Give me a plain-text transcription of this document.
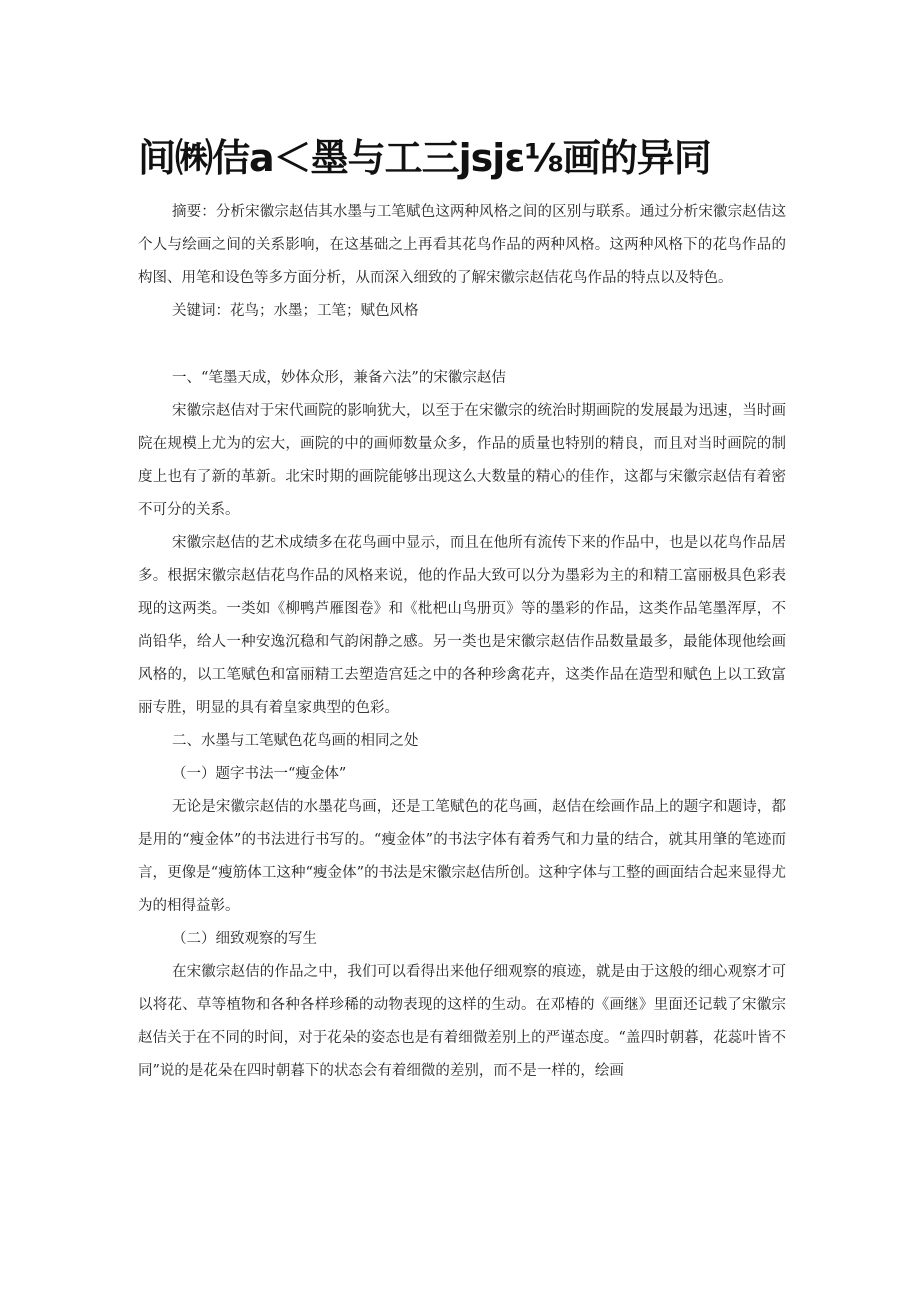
间㈱佶a＜墨与工三jsjɛ⅛画的异同

摘要：分析宋徽宗赵佶其水墨与工笔赋色这两种风格之间的区别与联系。通过分析宋徽宗赵佶这个人与绘画之间的关系影响，在这基础之上再看其花鸟作品的两种风格。这两种风格下的花鸟作品的构图、用笔和设色等多方面分析，从而深入细致的了解宋徽宗赵佶花鸟作品的特点以及特色。

关键词：花鸟；水墨；工笔；赋色风格

一、“笔墨天成，妙体众形，兼备六法”的宋徽宗赵佶

宋徽宗赵佶对于宋代画院的影响犹大，以至于在宋徽宗的统治时期画院的发展最为迅速，当时画院在规模上尤为的宏大，画院的中的画师数量众多，作品的质量也特别的精良，而且对当时画院的制度上也有了新的革新。北宋时期的画院能够出现这么大数量的精心的佳作，这都与宋徽宗赵佶有着密不可分的关系。

宋徽宗赵佶的艺术成绩多在花鸟画中显示，而且在他所有流传下来的作品中，也是以花鸟作品居多。根据宋徽宗赵佶花鸟作品的风格来说，他的作品大致可以分为墨彩为主的和精工富丽极具色彩表现的这两类。一类如《柳鸭芦雁图卷》和《枇杷山鸟册页》等的墨彩的作品，这类作品笔墨浑厚，不尚铅华，给人一种安逸沉稳和气韵闲静之感。另一类也是宋徽宗赵佶作品数量最多，最能体现他绘画风格的，以工笔赋色和富丽精工去塑造宫廷之中的各种珍禽花卉，这类作品在造型和赋色上以工致富丽专胜，明显的具有着皇家典型的色彩。

二、水墨与工笔赋色花鸟画的相同之处

（一）题字书法一“瘦金体”

无论是宋徽宗赵佶的水墨花鸟画，还是工笔赋色的花鸟画，赵佶在绘画作品上的题字和题诗，都是用的“瘦金体”的书法进行书写的。“瘦金体”的书法字体有着秀气和力量的结合，就其用肇的笔迹而言，更像是“瘦筋体工这种“瘦金体”的书法是宋徽宗赵佶所创。这种字体与工整的画面结合起来显得尤为的相得益彰。

（二）细致观察的写生

在宋徽宗赵佶的作品之中，我们可以看得出来他仔细观察的痕迹，就是由于这般的细心观察才可以将花、草等植物和各种各样珍稀的动物表现的这样的生动。在邓椿的《画继》里面还记载了宋徽宗赵佶关于在不同的时间，对于花朵的姿态也是有着细微差别上的严谨态度。“盖四时朝暮，花蕊叶皆不同”说的是花朵在四时朝暮下的状态会有着细微的差别，而不是一样的，绘画
